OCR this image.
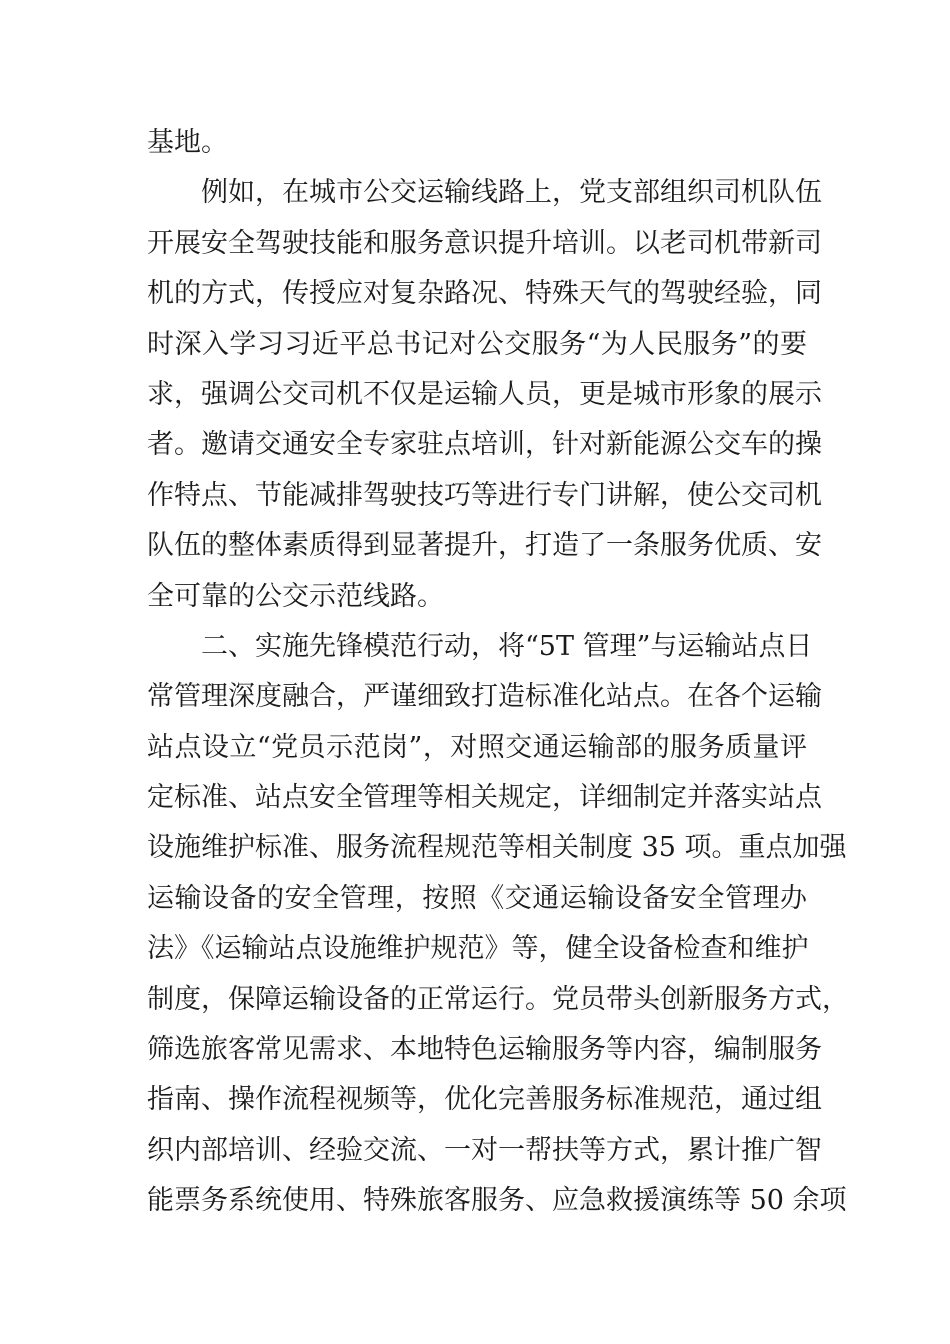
基地。
　　例如，在城市公交运输线路上，党支部组织司机队伍
开展安全驾驶技能和服务意识提升培训。以老司机带新司
机的方式，传授应对复杂路况、特殊天气的驾驶经验，同
时深入学习习近平总书记对公交服务“为人民服务”的要
求，强调公交司机不仅是运输人员，更是城市形象的展示
者。邀请交通安全专家驻点培训，针对新能源公交车的操
作特点、节能减排驾驶技巧等进行专门讲解，使公交司机
队伍的整体素质得到显著提升，打造了一条服务优质、安
全可靠的公交示范线路。
　　二、实施先锋模范行动，将“5T 管理”与运输站点日
常管理深度融合，严谨细致打造标准化站点。在各个运输
站点设立“党员示范岗”，对照交通运输部的服务质量评
定标准、站点安全管理等相关规定，详细制定并落实站点
设施维护标准、服务流程规范等相关制度 35 项。重点加强
运输设备的安全管理，按照《交通运输设备安全管理办
法》《运输站点设施维护规范》等，健全设备检查和维护
制度，保障运输设备的正常运行。党员带头创新服务方式，
筛选旅客常见需求、本地特色运输服务等内容，编制服务
指南、操作流程视频等，优化完善服务标准规范，通过组
织内部培训、经验交流、一对一帮扶等方式，累计推广智
能票务系统使用、特殊旅客服务、应急救援演练等 50 余项
